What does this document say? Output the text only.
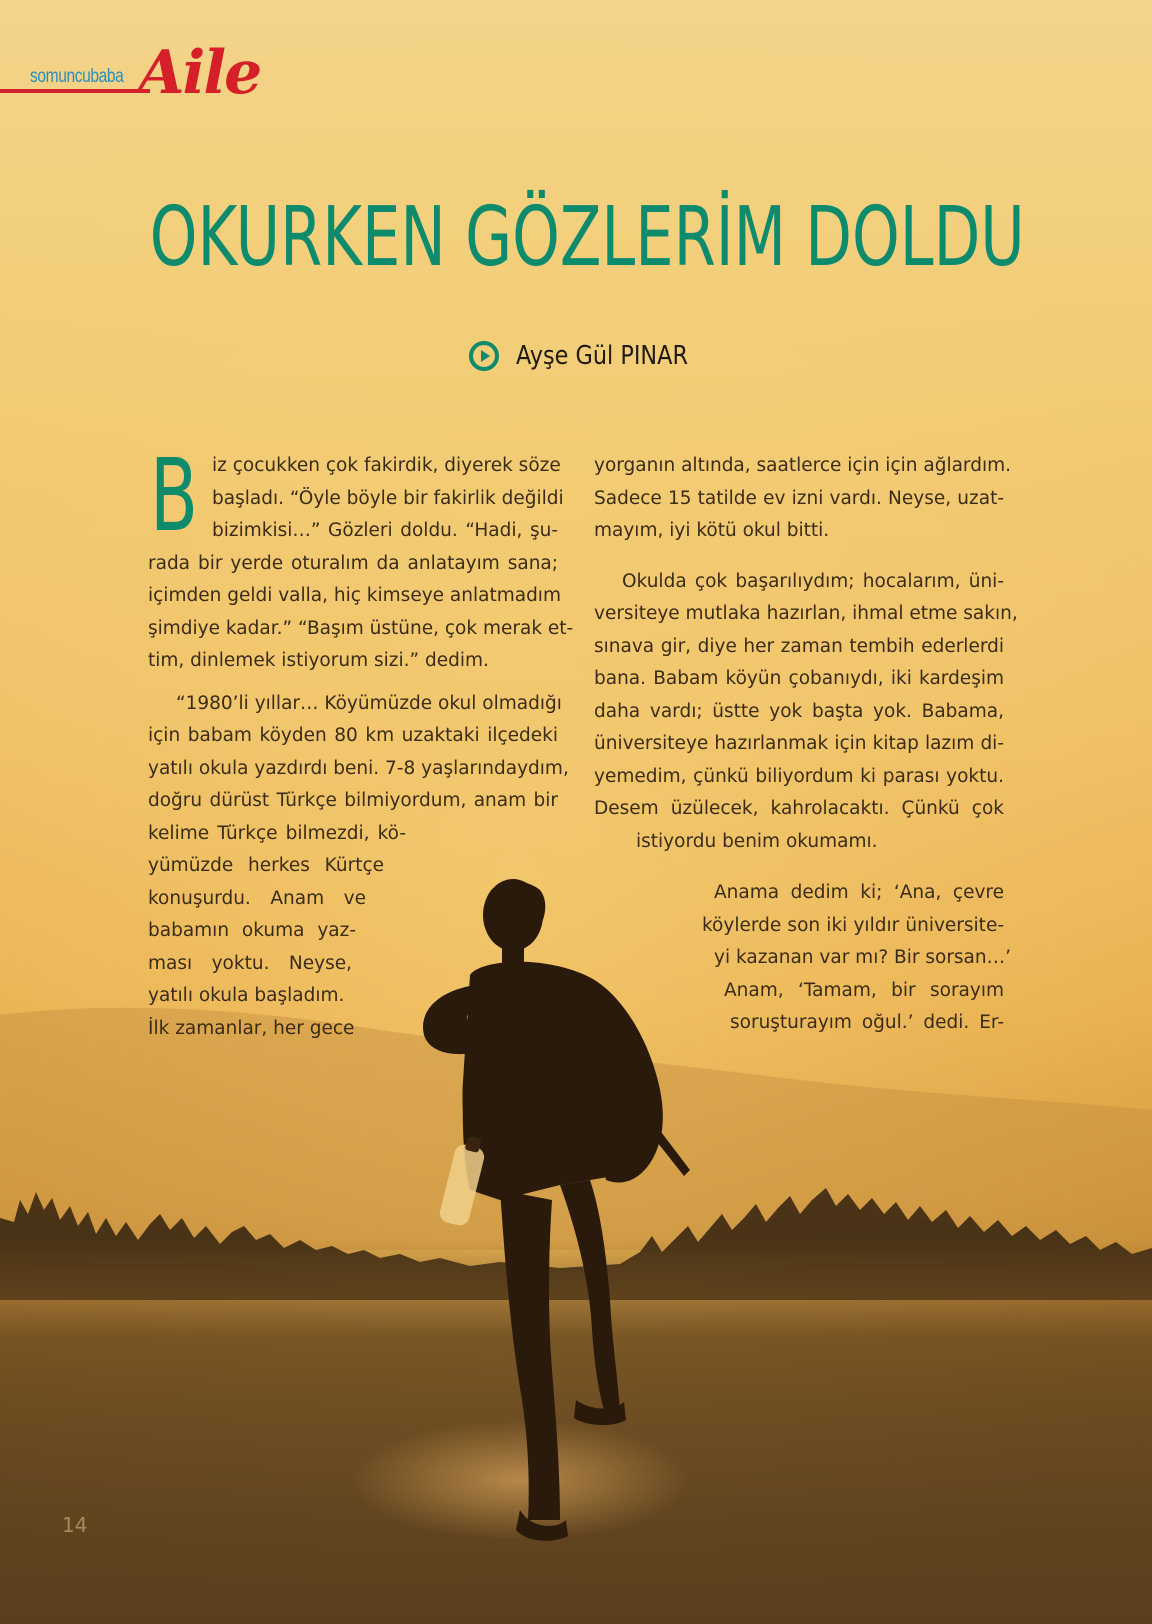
somuncubaba Aile
OKURKEN GÖZLERİM DOLDU
Ayşe Gül PINAR
B iz çocukken çok fakirdik, diyerek söze
başladı. “Öyle böyle bir fakirlik değildi
bizimkisi…” Gözleri doldu. “Hadi, şu-
rada bir yerde oturalım da anlatayım sana;
içimden geldi valla, hiç kimseye anlatmadım
şimdiye kadar.” “Başım üstüne, çok merak et-
tim, dinlemek istiyorum sizi.” dedim.
“1980’li yıllar… Köyümüzde okul olmadığı
için babam köyden 80 km uzaktaki ilçedeki
yatılı okula yazdırdı beni. 7-8 yaşlarındaydım,
doğru dürüst Türkçe bilmiyordum, anam bir
kelime Türkçe bilmezdi, kö-
yümüzde herkes Kürtçe
konuşurdu. Anam ve
babamın okuma yaz-
ması yoktu. Neyse,
yatılı okula başladım.
İlk zamanlar, her gece
yorganın altında, saatlerce için için ağlardım.
Sadece 15 tatilde ev izni vardı. Neyse, uzat-
mayım, iyi kötü okul bitti.
Okulda çok başarılıydım; hocalarım, üni-
versiteye mutlaka hazırlan, ihmal etme sakın,
sınava gir, diye her zaman tembih ederlerdi
bana. Babam köyün çobanıydı, iki kardeşim
daha vardı; üstte yok başta yok. Babama,
üniversiteye hazırlanmak için kitap lazım di-
yemedim, çünkü biliyordum ki parası yoktu.
Desem üzülecek, kahrolacaktı. Çünkü çok
istiyordu benim okumamı.
Anama dedim ki; ‘Ana, çevre
köylerde son iki yıldır üniversite-
yi kazanan var mı? Bir sorsan…’
Anam, ‘Tamam, bir sorayım
soruşturayım oğul.’ dedi. Er-
14
